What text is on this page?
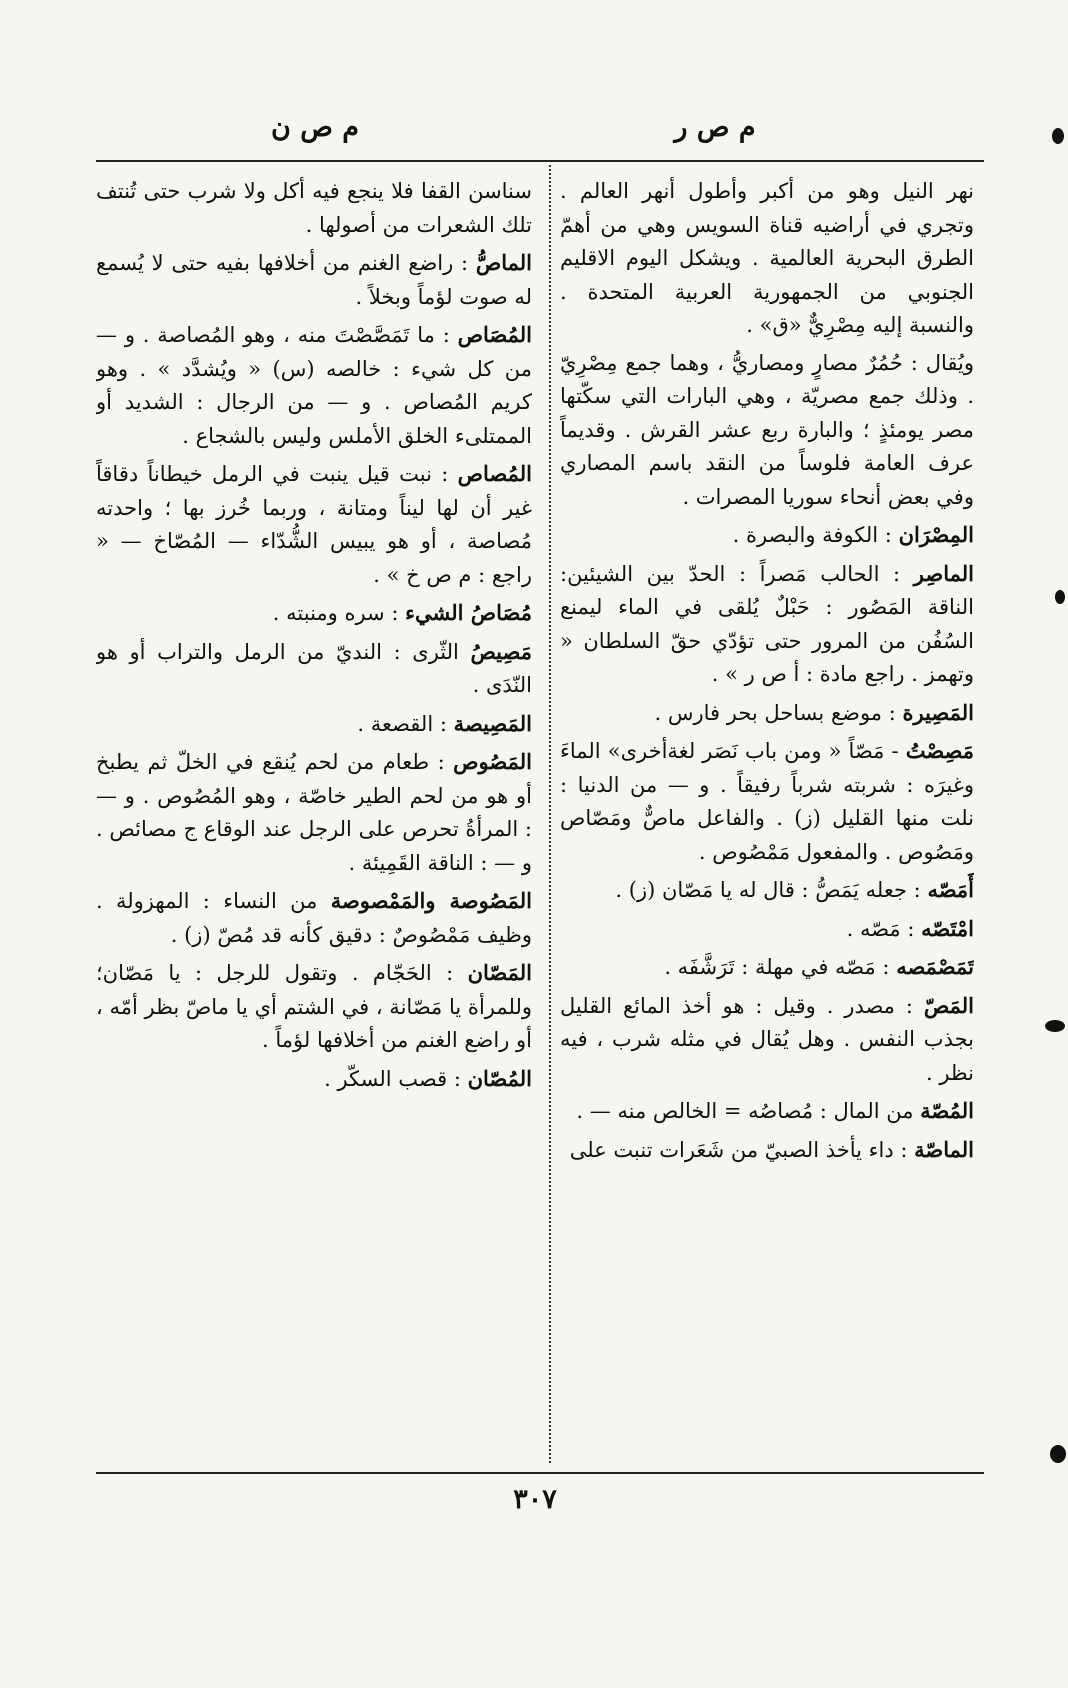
م ص ر
م ص ن

نهر النيل وهو من أكبر وأطول أنهر العالم . وتجري في أراضيه قناة السويس وهي من أهمّ الطرق البحرية العالمية . ويشكل اليوم الاقليم الجنوبي من الجمهورية العربية المتحدة . والنسبة إليه مِصْرِيٌّ «ق» .

ويُقال : حُمُرٌ مصارٍ ومصاريُّ ، وهما جمع مِصْرِيّ . وذلك جمع مصريّة ، وهي البارات التي سكّتها مصر يومئذٍ ؛ والبارة ربع عشر القرش . وقديماً عرف العامة فلوساً من النقد باسم المصاري وفي بعض أنحاء سوريا المصرات .

المِصْرَان : الكوفة والبصرة .

الماصِر : الحالب مَصراً : الحدّ بين الشيئين: الناقة المَصُور : حَبْلٌ يُلقى في الماء ليمنع السُفُن من المرور حتى تؤدّي حقّ السلطان « وتهمز . راجع مادة : أ ص ر » .

المَصِيرة : موضع بساحل بحر فارس .

مَصِصْتُ - مَصّاً « ومن باب نَصَر لغةأخرى» الماءَ وغيرَه : شربته شرباً رفيقاً . و — من الدنيا : نلت منها القليل (ز) . والفاعل ماصٌّ ومَصّاص ومَصُوص . والمفعول مَمْصُوص .

أَمَصّه : جعله يَمَصُّ : قال له يا مَصّان (ز) .

امْتَصّه : مَصّه .

تَمَصْمَصه : مَصّه في مهلة : تَرَشَّفَه .

المَصّ : مصدر . وقيل : هو أخذ المائع القليل بجذب النفس . وهل يُقال في مثله شرب ، فيه نظر .

المُصّة من المال : مُصاصُه = الخالص منه — .

الماصّة : داء يأخذ الصبيّ من شَعَرات تنبت على

سناسن القفا فلا ينجع فيه أكل ولا شرب حتى تُنتف تلك الشعرات من أصولها .

الماصُّ : راضع الغنم من أخلافها بفيه حتى لا يُسمع له صوت لؤماً وبخلاً .

المُصَاص : ما تَمَصَّصْتَ منه ، وهو المُصاصة . و — من كل شيء : خالصه (س) « ويُشدَّد » . وهو كريم المُصاص . و — من الرجال : الشديد أو الممتلىء الخلق الأملس وليس بالشجاع .

المُصاص : نبت قيل ينبت في الرمل خيطاناً دقاقاً غير أن لها ليناً ومتانة ، وربما خُرز بها ؛ واحدته مُصاصة ، أو هو يبيس الشُّدّاء — المُصّاخ — « راجع : م ص خ » .

مُصَاصُ الشيء : سره ومنبته .

مَصِيصُ الثّرى : النديّ من الرمل والتراب أو هو النّدَى .

المَصِيصة : القصعة .

المَصُوص : طعام من لحم يُنقع في الخلّ ثم يطبخ أو هو من لحم الطير خاصّة ، وهو المُصُوص . و — : المرأةُ تحرص على الرجل عند الوقاع ج مصائص . و — : الناقة القَمِيئة .

المَصُوصة والمَمْصوصة من النساء : المهزولة . وظيف مَمْصُوصٌ : دقيق كأنه قد مُصّ (ز) .

المَصّان : الحَجّام . وتقول للرجل : يا مَصّان؛ وللمرأة يا مَصّانة ، في الشتم أي يا ماصّ بظر أمّه ، أو راضع الغنم من أخلافها لؤماً .

المُصّان : قصب السكّر .

٣٠٧
